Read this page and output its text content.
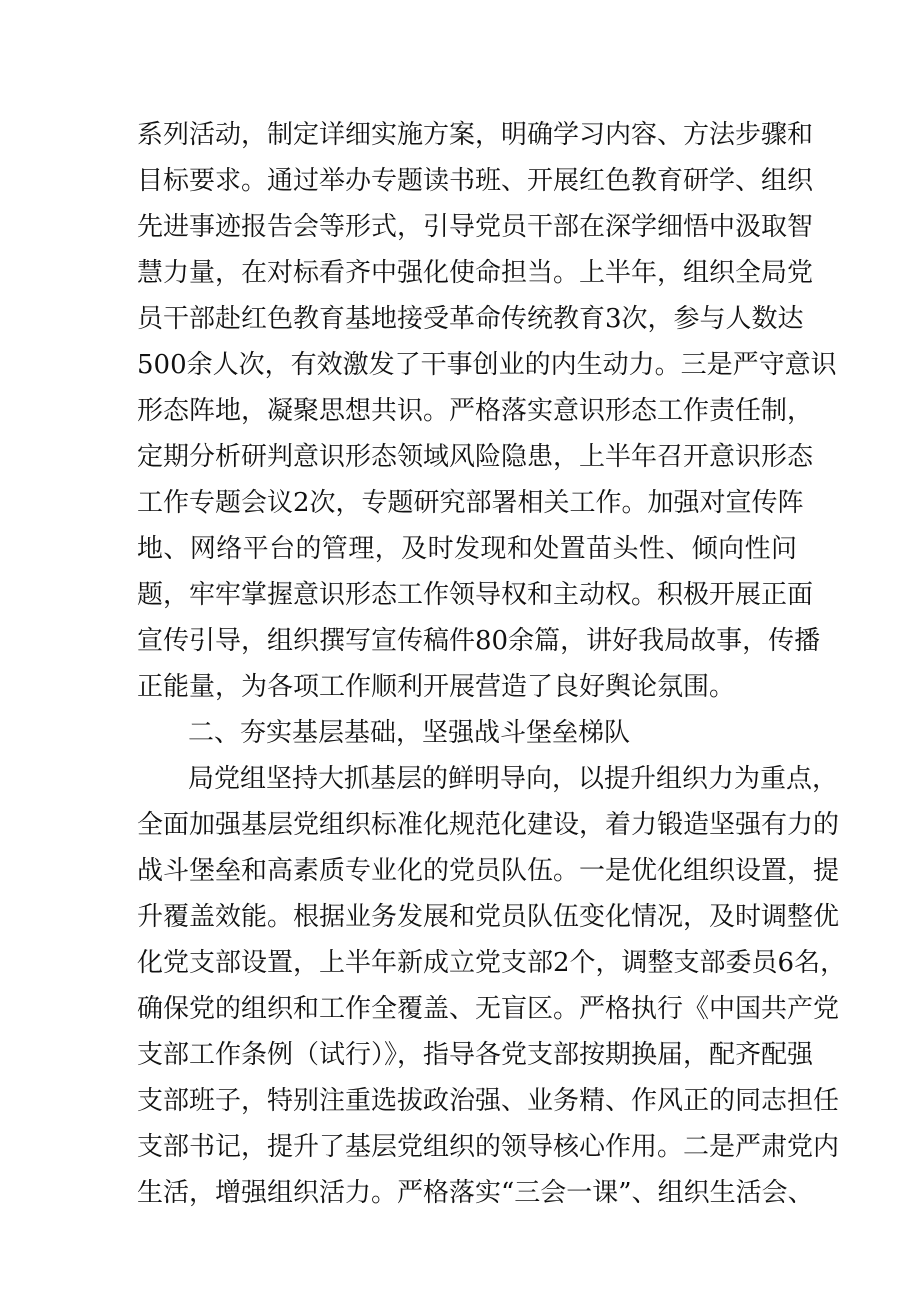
系列活动，制定详细实施方案，明确学习内容、方法步骤和
目标要求。通过举办专题读书班、开展红色教育研学、组织
先进事迹报告会等形式，引导党员干部在深学细悟中汲取智
慧力量，在对标看齐中强化使命担当。上半年，组织全局党
员干部赴红色教育基地接受革命传统教育3次，参与人数达
500余人次，有效激发了干事创业的内生动力。三是严守意识
形态阵地，凝聚思想共识。严格落实意识形态工作责任制，
定期分析研判意识形态领域风险隐患，上半年召开意识形态
工作专题会议2次，专题研究部署相关工作。加强对宣传阵
地、网络平台的管理，及时发现和处置苗头性、倾向性问
题，牢牢掌握意识形态工作领导权和主动权。积极开展正面
宣传引导，组织撰写宣传稿件80余篇，讲好我局故事，传播
正能量，为各项工作顺利开展营造了良好舆论氛围。
二、夯实基层基础，坚强战斗堡垒梯队
局党组坚持大抓基层的鲜明导向，以提升组织力为重点，
全面加强基层党组织标准化规范化建设，着力锻造坚强有力的
战斗堡垒和高素质专业化的党员队伍。一是优化组织设置，提
升覆盖效能。根据业务发展和党员队伍变化情况，及时调整优
化党支部设置，上半年新成立党支部2个，调整支部委员6名，
确保党的组织和工作全覆盖、无盲区。严格执行《中国共产党
支部工作条例（试行）》，指导各党支部按期换届，配齐配强
支部班子，特别注重选拔政治强、业务精、作风正的同志担任
支部书记，提升了基层党组织的领导核心作用。二是严肃党内
生活，增强组织活力。严格落实“三会一课”、组织生活会、
